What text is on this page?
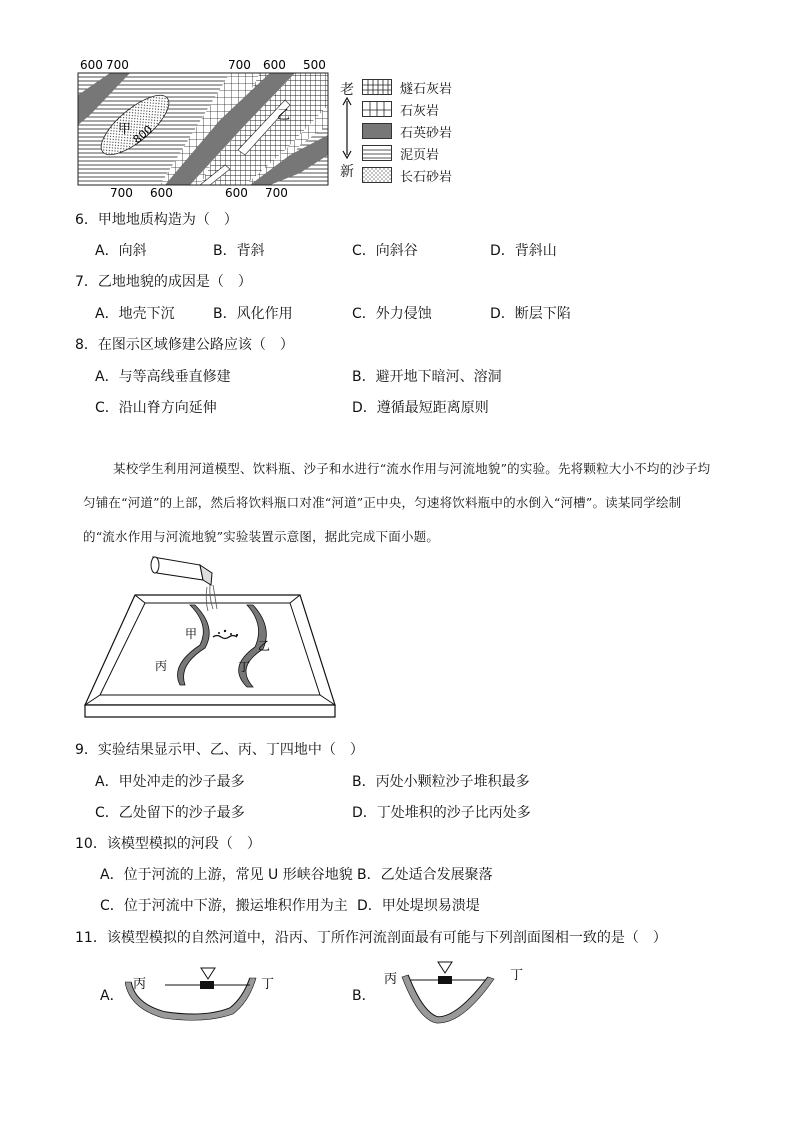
600 700	700 600 500
700 600	600 700
800
甲
乙
老
新
燧石灰岩
石灰岩
石英砂岩
泥页岩
长石砂岩
6．甲地地质构造为（　）
A．向斜	B．背斜	C．向斜谷	D．背斜山
7．乙地地貌的成因是（　）
A．地壳下沉	B．风化作用	C．外力侵蚀	D．断层下陷
8．在图示区域修建公路应该（　）
A．与等高线垂直修建	B．避开地下暗河、溶洞
C．沿山脊方向延伸	D．遵循最短距离原则
某校学生利用河道模型、饮料瓶、沙子和水进行“流水作用与河流地貌”的实验。先将颗粒大小不均的沙子均匀铺在“河道”的上部，然后将饮料瓶口对准“河道”正中央，匀速将饮料瓶中的水倒入“河槽”。读某同学绘制的“流水作用与河流地貌”实验装置示意图，据此完成下面小题。
甲
乙
丙	丁
9．实验结果显示甲、乙、丙、丁四地中（　）
A．甲处冲走的沙子最多	B．丙处小颗粒沙子堆积最多
C．乙处留下的沙子最多	D．丁处堆积的沙子比丙处多
10．该模型模拟的河段（　）
A．位于河流的上游，常见 U 形峡谷地貌 B．乙处适合发展聚落
C．位于河流中下游，搬运堆积作用为主 D．甲处堤坝易溃堤
11．该模型模拟的自然河道中，沿丙、丁所作河流剖面最有可能与下列剖面图相一致的是（　）
A．
丙	丁
B．
丙	丁
